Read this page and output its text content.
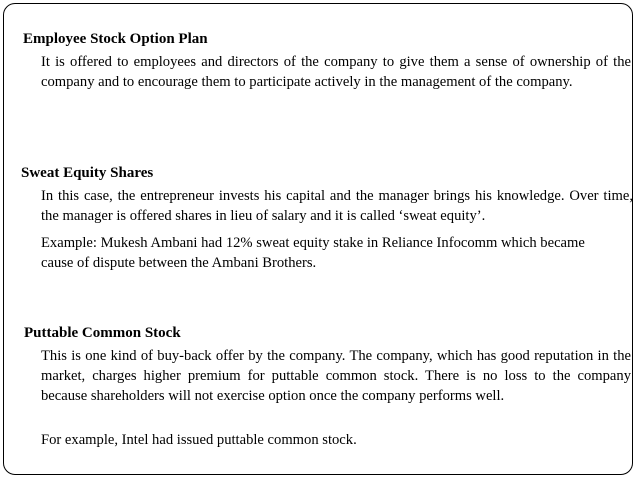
Employee Stock Option Plan
It is offered to employees and directors of the company to give them a sense of ownership of the company and to encourage them to participate actively in the management of the company.
Sweat Equity Shares
In this case, the entrepreneur invests his capital and the manager brings his knowledge. Over time, the manager is offered shares in lieu of salary and it is called ‘sweat equity’.
Example: Mukesh Ambani had 12% sweat equity stake in Reliance Infocomm which became cause of dispute between the Ambani Brothers.
Puttable Common Stock
This is one kind of buy-back offer by the company. The company, which has good reputation in the market, charges higher premium for puttable common stock. There is no loss to the company because shareholders will not exercise option once the company performs well.
For example, Intel had issued puttable common stock.
